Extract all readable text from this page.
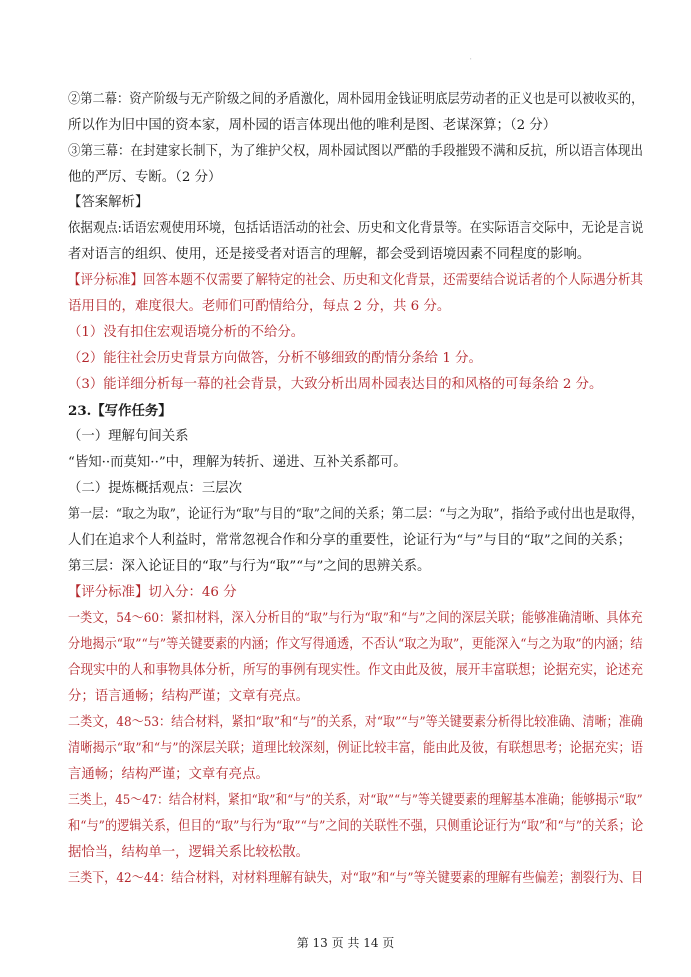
ˈ
②第二幕：资产阶级与无产阶级之间的矛盾激化，周朴园用金钱证明底层劳动者的正义也是可以被收买的，
所以作为旧中国的资本家，周朴园的语言体现出他的唯利是图、老谋深算；（2 分）
③第三幕：在封建家长制下，为了维护父权，周朴园试图以严酷的手段摧毁不满和反抗，所以语言体现出
他的严厉、专断。（2 分）
【答案解析】
依据观点:话语宏观使用环境，包括话语活动的社会、历史和文化背景等。在实际语言交际中，无论是言说
者对语言的组织、使用，还是接受者对语言的理解，都会受到语境因素不同程度的影响。
【评分标准】回答本题不仅需要了解特定的社会、历史和文化背景，还需要结合说话者的个人际遇分析其
语用目的，难度很大。老师们可酌情给分，每点 2 分，共 6 分。
（1）没有扣住宏观语境分析的不给分。
（2）能往社会历史背景方向做答，分析不够细致的酌情分条给 1 分。
（3）能详细分析每一幕的社会背景，大致分析出周朴园表达目的和风格的可每条给 2 分。
23.【写作任务】
（一）理解句间关系
“皆知··而莫知··”中，理解为转折、递进、互补关系都可。
（二）提炼概括观点：三层次
第一层：“取之为取”，论证行为“取”与目的“取”之间的关系；第二层：“与之为取”，指给予或付出也是取得，
人们在追求个人利益时，常常忽视合作和分享的重要性，论证行为“与”与目的“取”之间的关系；
第三层：深入论证目的“取”与行为“取”“与”之间的思辨关系。
【评分标准】切入分：46 分
一类文，54～60：紧扣材料，深入分析目的“取”与行为“取”和“与”之间的深层关联；能够准确清晰、具体充
分地揭示“取”“与”等关键要素的内涵；作文写得通透，不否认“取之为取”，更能深入“与之为取”的内涵；结
合现实中的人和事物具体分析，所写的事例有现实性。作文由此及彼，展开丰富联想；论据充实，论述充
分；语言通畅；结构严谨；文章有亮点。
二类文，48～53：结合材料，紧扣“取”和“与”的关系，对“取”“与”等关键要素分析得比较准确、清晰；准确
清晰揭示“取”和“与”的深层关联；道理比较深刻，例证比较丰富，能由此及彼，有联想思考；论据充实；语
言通畅；结构严谨；文章有亮点。
三类上，45～47：结合材料，紧扣“取”和“与”的关系，对“取”“与”等关键要素的理解基本准确；能够揭示“取”
和“与”的逻辑关系，但目的“取”与行为“取”“与”之间的关联性不强，只侧重论证行为“取”和“与”的关系；论
据恰当，结构单一，逻辑关系比较松散。
三类下，42～44：结合材料，对材料理解有缺失，对“取”和“与”等关键要素的理解有些偏差；割裂行为、目
第 13 页 共 14 页
